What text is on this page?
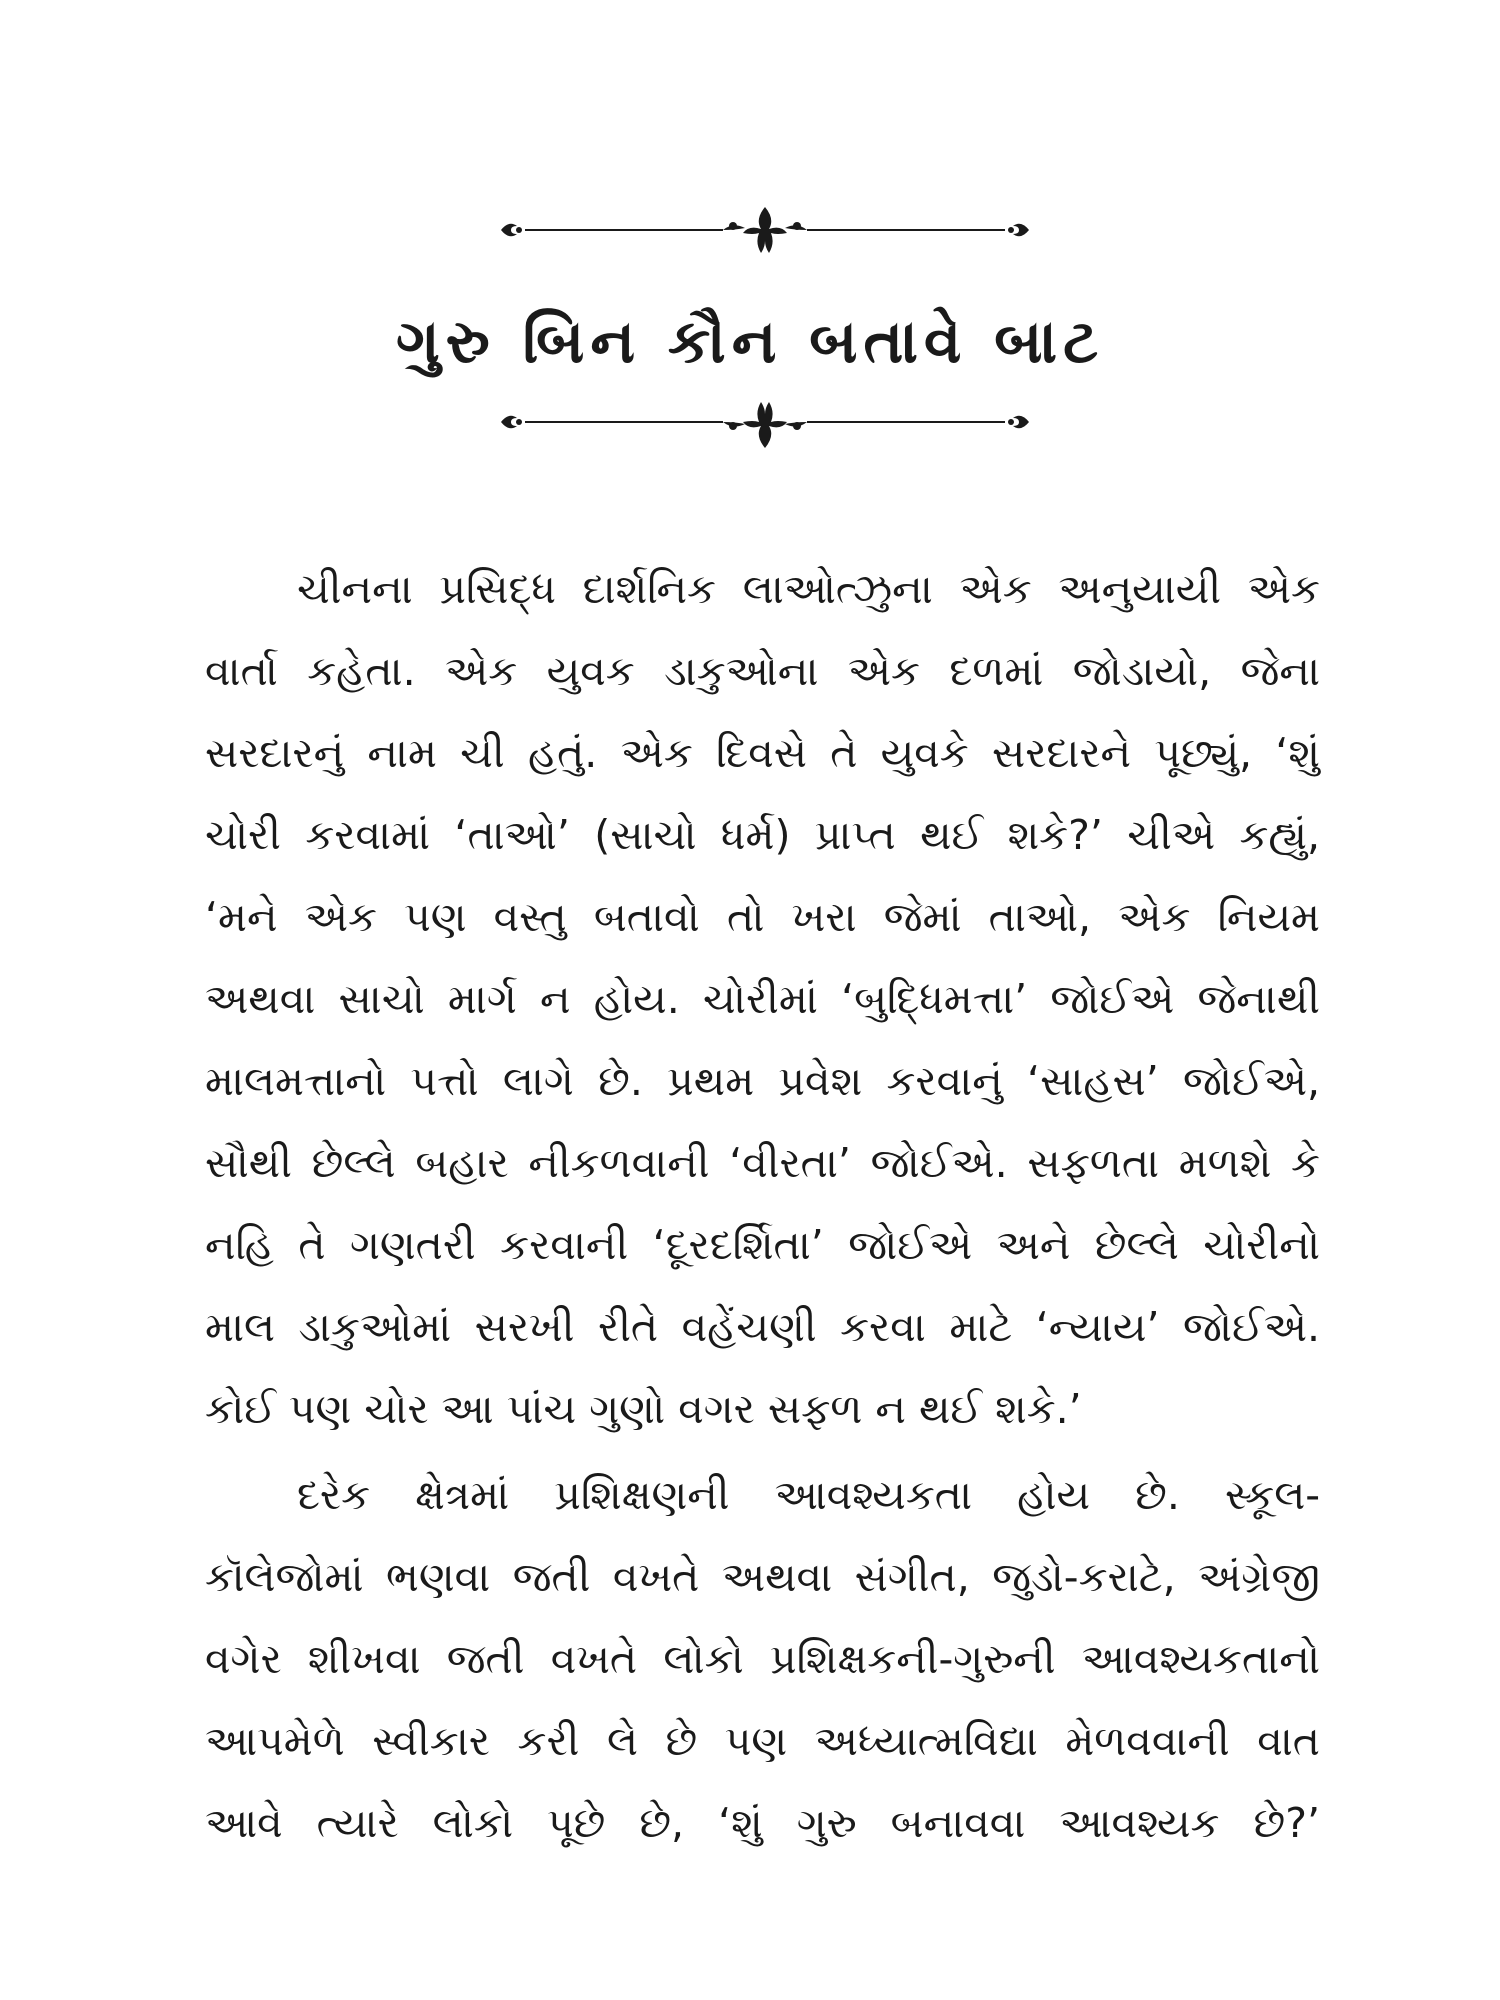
ગુરુ બિન કૌન બતાવે બાટ
ચીનના પ્રસિદ્ધ દાર્શનિક લાઓત્ઝુના એક અનુયાયી એક
વાર્તા કહેતા. એક યુવક ડાકુઓના એક દળમાં જોડાયો, જેના
સરદારનું નામ ચી હતું. એક દિવસે તે યુવકે સરદારને પૂછ્યું, ‘શું
ચોરી કરવામાં ‘તાઓ’ (સાચો ધર્મ) પ્રાપ્ત થઈ શકે?’ ચીએ કહ્યું,
‘મને એક પણ વસ્તુ બતાવો તો ખરા જેમાં તાઓ, એક નિયમ
અથવા સાચો માર્ગ ન હોય. ચોરીમાં ‘બુદ્ધિમત્તા’ જોઈએ જેનાથી
માલમત્તાનો પત્તો લાગે છે. પ્રથમ પ્રવેશ કરવાનું ‘સાહસ’ જોઈએ,
સૌથી છેલ્લે બહાર નીકળવાની ‘વીરતા’ જોઈએ. સફળતા મળશે કે
નહિ તે ગણતરી કરવાની ‘દૂરદર્શિતા’ જોઈએ અને છેલ્લે ચોરીનો
માલ ડાકુઓમાં સરખી રીતે વહેંચણી કરવા માટે ‘ન્યાય’ જોઈએ.
કોઈ પણ ચોર આ પાંચ ગુણો વગર સફળ ન થઈ શકે.’
દરેક ક્ષેત્રમાં પ્રશિક્ષણની આવશ્યકતા હોય છે. સ્કૂલ-
કૉલેજોમાં ભણવા જતી વખતે અથવા સંગીત, જુડો-કરાટે, અંગ્રેજી
વગેર શીખવા જતી વખતે લોકો પ્રશિક્ષકની-ગુરુની આવશ્યકતાનો
આપમેળે સ્વીકાર કરી લે છે પણ અધ્યાત્મવિદ્યા મેળવવાની વાત
આવે ત્યારે લોકો પૂછે છે, ‘શું ગુરુ બનાવવા આવશ્યક છે?’
